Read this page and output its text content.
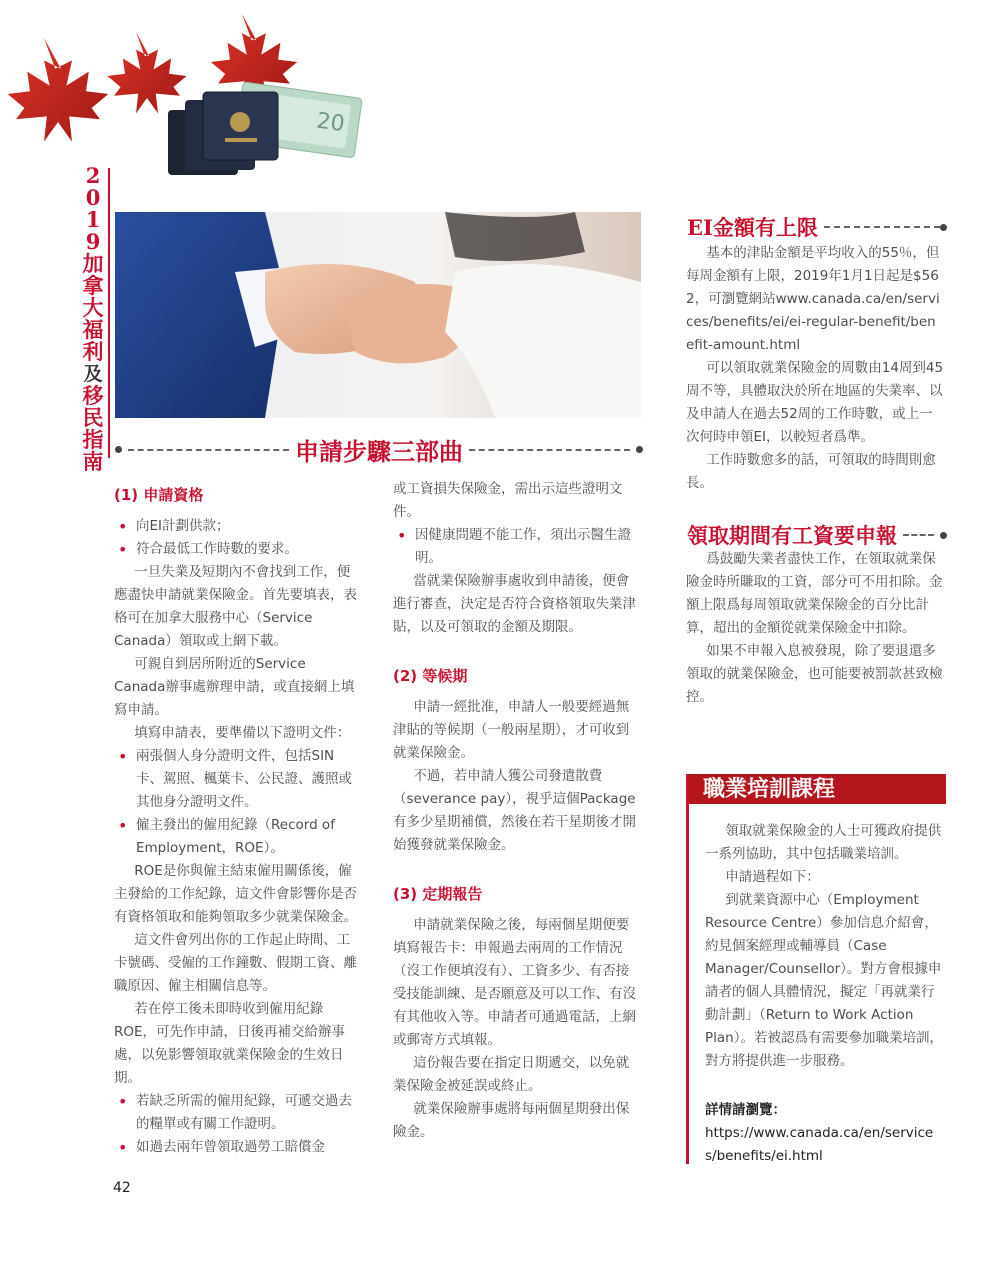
20
2
0
1
9
加
拿
大
福
利
及
移
民
指
南	申請步驟三部曲

(1) 申請資格

• 向EI計劃供款；

• 符合最低工作時數的要求。

一旦失業及短期內不會找到工作，便應盡快申請就業保險金。首先要填表，表格可在加拿大服務中心（Service Canada）領取或上網下載。

可親自到居所附近的Service Canada辦事處辦理申請，或直接網上填寫申請。

填寫申請表，要準備以下證明文件：

• 兩張個人身分證明文件，包括SIN卡、駕照、楓葉卡、公民證、護照或其他身分證明文件。

• 僱主發出的僱用紀錄（Record of Employment，ROE）。

ROE是你與僱主結束僱用關係後，僱主發給的工作紀錄，這文件會影響你是否有資格領取和能夠領取多少就業保險金。

這文件會列出你的工作起止時間、工卡號碼、受僱的工作鐘數、假期工資、離職原因、僱主相關信息等。

若在停工後未即時收到僱用紀錄ROE，可先作申請，日後再補交給辦事處，以免影響領取就業保險金的生效日期。

• 若缺乏所需的僱用紀錄，可遞交過去的糧單或有關工作證明。

• 如過去兩年曾領取過勞工賠償金

或工資損失保險金，需出示這些證明文件。

• 因健康問題不能工作，須出示醫生證明。

當就業保險辦事處收到申請後，便會進行審查，決定是否符合資格領取失業津貼，以及可領取的金額及期限。

(2) 等候期

申請一經批准，申請人一般要經過無津貼的等候期（一般兩星期），才可收到就業保險金。

不過，若申請人獲公司發遣散費（severance pay），視乎這個Package有多少星期補償，然後在若干星期後才開始獲發就業保險金。

(3) 定期報告

申請就業保險之後，每兩個星期便要填寫報告卡：申報過去兩周的工作情況（沒工作便填沒有）、工資多少、有否接受技能訓練、是否願意及可以工作、有沒有其他收入等。申請者可通過電話，上網或郵寄方式填報。

這份報告要在指定日期遞交，以免就業保險金被延誤或終止。

就業保險辦事處將每兩個星期發出保險金。

EI金額有上限

基本的津貼金額是平均收入的55％，但每周金額有上限，2019年1月1日起是$562，可瀏覽網站www.canada.ca/en/services/benefits/ei/ei-regular-benefit/benefit-amount.html

可以領取就業保險金的周數由14周到45周不等，具體取決於所在地區的失業率、以及申請人在過去52周的工作時數，或上一次何時申領EI，以較短者爲準。

工作時數愈多的話，可領取的時間則愈長。

領取期間有工資要申報

爲鼓勵失業者盡快工作，在領取就業保險金時所賺取的工資，部分可不用扣除。金額上限爲每周領取就業保險金的百分比計算，超出的金額從就業保險金中扣除。

如果不申報入息被發現，除了要退還多領取的就業保險金，也可能要被罰款甚致檢控。

職業培訓課程

領取就業保險金的人士可獲政府提供一系列協助，其中包括職業培訓。

申請過程如下：

到就業資源中心（Employment Resource Centre）參加信息介紹會，約見個案經理或輔導員（Case Manager/Counsellor）。對方會根據申請者的個人具體情況，擬定「再就業行動計劃」（Return to Work Action Plan）。若被認爲有需要參加職業培訓，對方將提供進一步服務。

詳情請瀏覽：

https://www.canada.ca/en/services/benefits/ei.html

42
